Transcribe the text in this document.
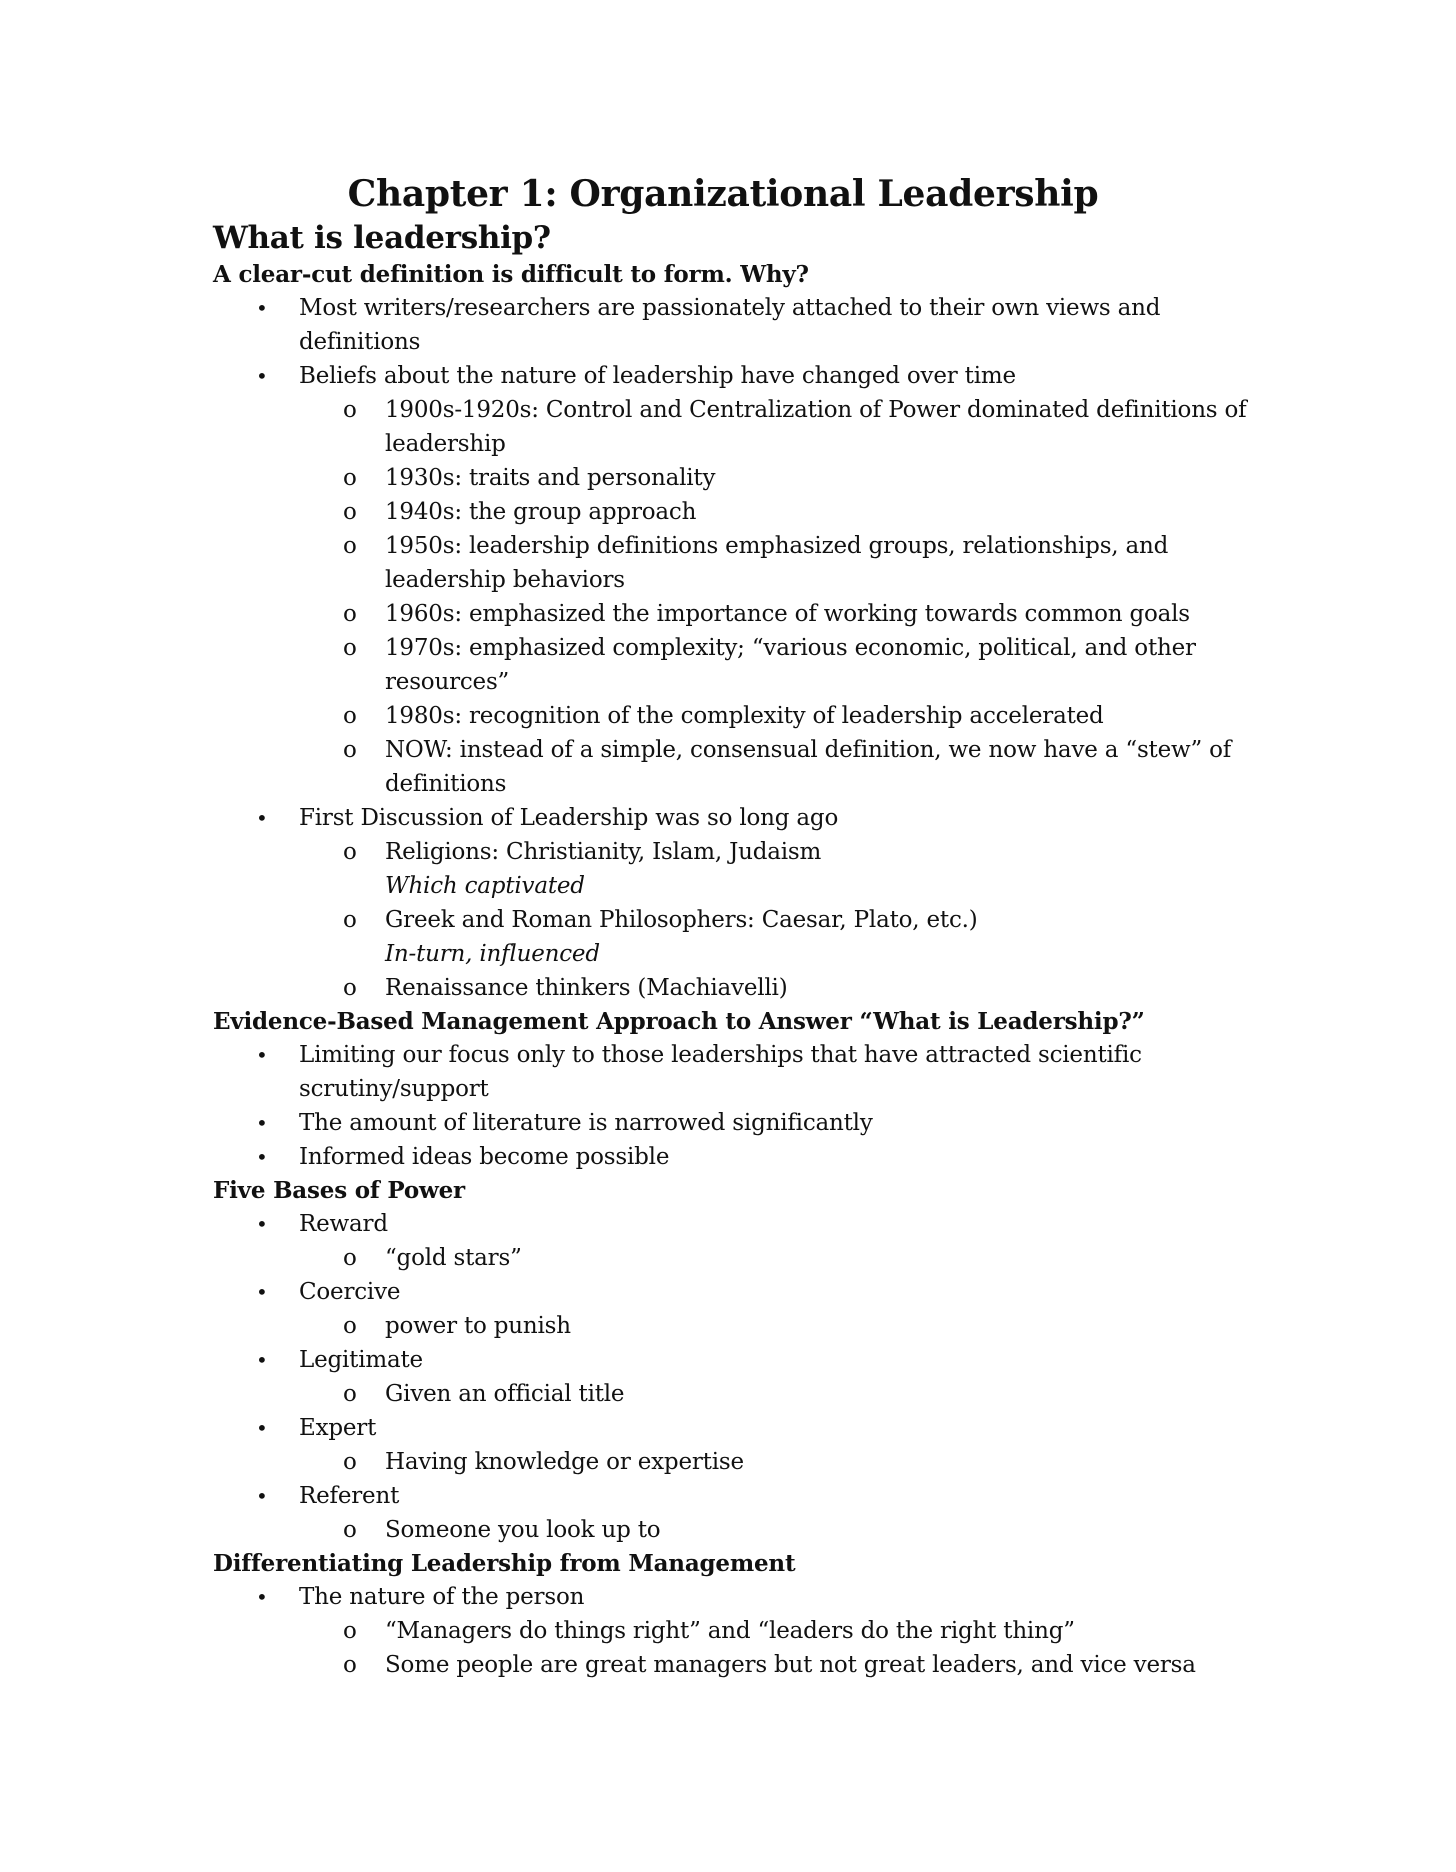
Chapter 1: Organizational Leadership
What is leadership?
A clear-cut definition is difficult to form. Why?
• Most writers/researchers are passionately attached to their own views and definitions
• Beliefs about the nature of leadership have changed over time
o 1900s-1920s: Control and Centralization of Power dominated definitions of leadership
o 1930s: traits and personality
o 1940s: the group approach
o 1950s: leadership definitions emphasized groups, relationships, and leadership behaviors
o 1960s: emphasized the importance of working towards common goals
o 1970s: emphasized complexity; “various economic, political, and other resources”
o 1980s: recognition of the complexity of leadership accelerated
o NOW: instead of a simple, consensual definition, we now have a “stew” of definitions
• First Discussion of Leadership was so long ago
o Religions: Christianity, Islam, Judaism
Which captivated
o Greek and Roman Philosophers: Caesar, Plato, etc.)
In-turn, influenced
o Renaissance thinkers (Machiavelli)
Evidence-Based Management Approach to Answer “What is Leadership?”
• Limiting our focus only to those leaderships that have attracted scientific scrutiny/support
• The amount of literature is narrowed significantly
• Informed ideas become possible
Five Bases of Power
• Reward
o “gold stars”
• Coercive
o power to punish
• Legitimate
o Given an official title
• Expert
o Having knowledge or expertise
• Referent
o Someone you look up to
Differentiating Leadership from Management
• The nature of the person
o “Managers do things right” and “leaders do the right thing”
o Some people are great managers but not great leaders, and vice versa
